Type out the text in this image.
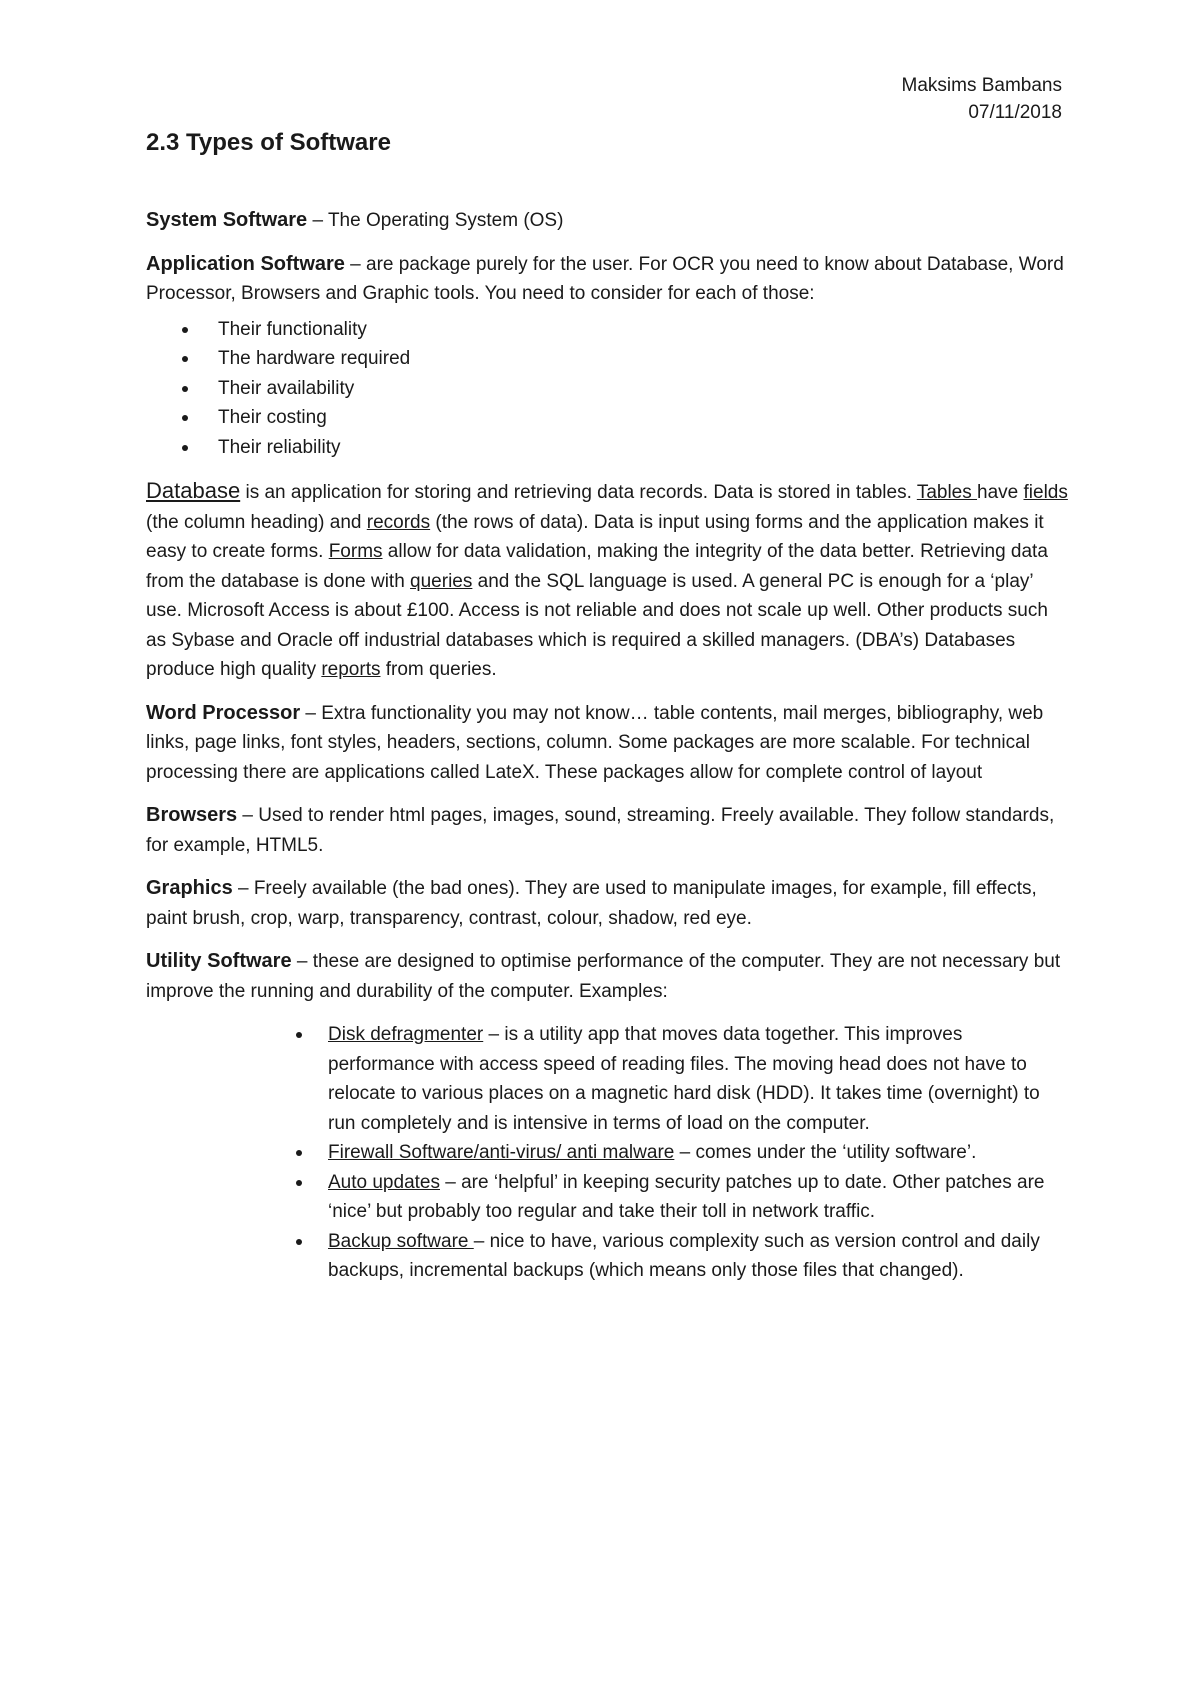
Maksims Bambans
07/11/2018
2.3 Types of Software

System Software – The Operating System (OS)

Application Software – are package purely for the user. For OCR you need to know about Database, Word Processor, Browsers and Graphic tools. You need to consider for each of those:

Their functionality
The hardware required
Their availability
Their costing
Their reliability

Database is an application for storing and retrieving data records. Data is stored in tables. Tables have fields (the column heading) and records (the rows of data). Data is input using forms and the application makes it easy to create forms. Forms allow for data validation, making the integrity of the data better. Retrieving data from the database is done with queries and the SQL language is used. A general PC is enough for a ‘play’ use. Microsoft Access is about £100. Access is not reliable and does not scale up well. Other products such as Sybase and Oracle off industrial databases which is required a skilled managers. (DBA’s) Databases produce high quality reports from queries.

Word Processor – Extra functionality you may not know… table contents, mail merges, bibliography, web links, page links, font styles, headers, sections, column. Some packages are more scalable. For technical processing there are applications called LateX. These packages allow for complete control of layout

Browsers – Used to render html pages, images, sound, streaming. Freely available. They follow standards, for example, HTML5.

Graphics – Freely available (the bad ones). They are used to manipulate images, for example, fill effects, paint brush, crop, warp, transparency, contrast, colour, shadow, red eye.

Utility Software – these are designed to optimise performance of the computer. They are not necessary but improve the running and durability of the computer. Examples:

Disk defragmenter – is a utility app that moves data together. This improves performance with access speed of reading files. The moving head does not have to relocate to various places on a magnetic hard disk (HDD). It takes time (overnight) to run completely and is intensive in terms of load on the computer.
Firewall Software/anti-virus/ anti malware – comes under the ‘utility software’.
Auto updates – are ‘helpful’ in keeping security patches up to date. Other patches are ‘nice’ but probably too regular and take their toll in network traffic.
Backup software – nice to have, various complexity such as version control and daily backups, incremental backups (which means only those files that changed).
